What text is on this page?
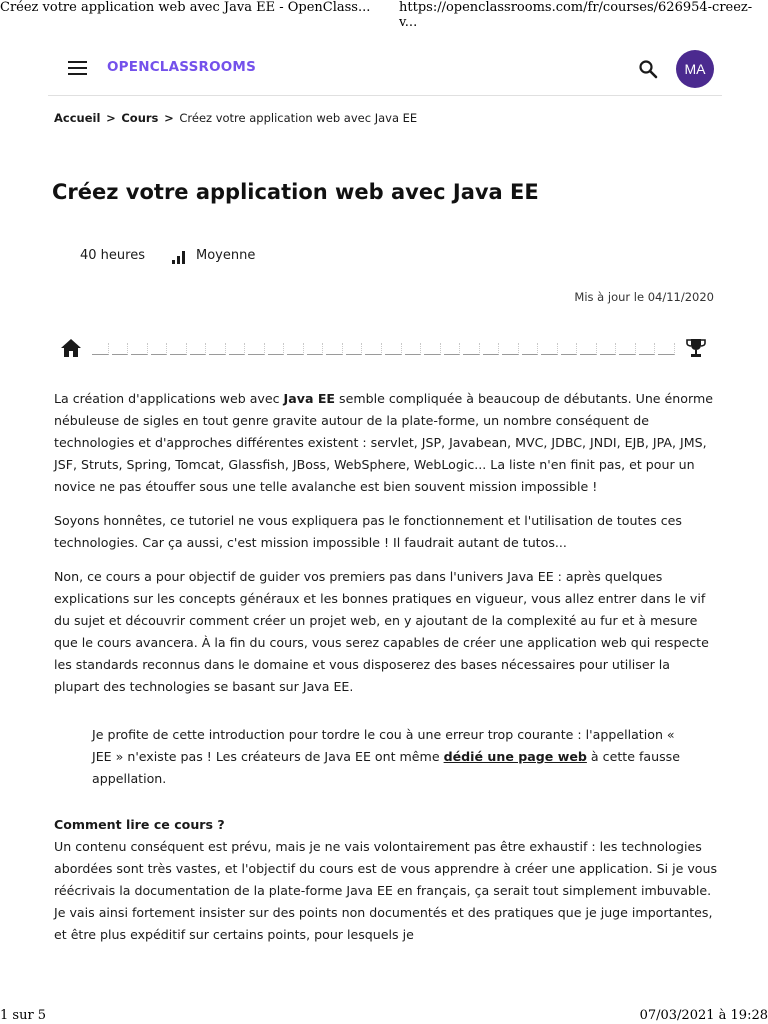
Créez votre application web avec Java EE - OpenClass... https://openclassrooms.com/fr/courses/626954-creez-v...
OPENCLASSROOMS	MA
Accueil > Cours > Créez votre application web avec Java EE
Créez votre application web avec Java EE
40 heures	Moyenne
Mis à jour le 04/11/2020

La création d'applications web avec Java EE semble compliquée à beaucoup de débutants. Une énorme nébuleuse de sigles en tout genre gravite autour de la plate-forme, un nombre conséquent de technologies et d'approches différentes existent : servlet, JSP, Javabean, MVC, JDBC, JNDI, EJB, JPA, JMS, JSF, Struts, Spring, Tomcat, Glassfish, JBoss, WebSphere, WebLogic... La liste n'en finit pas, et pour un novice ne pas étouffer sous une telle avalanche est bien souvent mission impossible !

Soyons honnêtes, ce tutoriel ne vous expliquera pas le fonctionnement et l'utilisation de toutes ces technologies. Car ça aussi, c'est mission impossible ! Il faudrait autant de tutos...

Non, ce cours a pour objectif de guider vos premiers pas dans l'univers Java EE : après quelques explications sur les concepts généraux et les bonnes pratiques en vigueur, vous allez entrer dans le vif du sujet et découvrir comment créer un projet web, en y ajoutant de la complexité au fur et à mesure que le cours avancera. À la fin du cours, vous serez capables de créer une application web qui respecte les standards reconnus dans le domaine et vous disposerez des bases nécessaires pour utiliser la plupart des technologies se basant sur Java EE.

Je profite de cette introduction pour tordre le cou à une erreur trop courante : l'appellation « JEE » n'existe pas ! Les créateurs de Java EE ont même dédié une page web à cette fausse appellation.
Comment lire ce cours ?
Un contenu conséquent est prévu, mais je ne vais volontairement pas être exhaustif : les technologies abordées sont très vastes, et l'objectif du cours est de vous apprendre à créer une application. Si je vous réécrivais la documentation de la plate-forme Java EE en français, ça serait tout simplement imbuvable. Je vais ainsi fortement insister sur des points non documentés et des pratiques que je juge importantes, et être plus expéditif sur certains points, pour lesquels je
1 sur 5	07/03/2021 à 19:28
